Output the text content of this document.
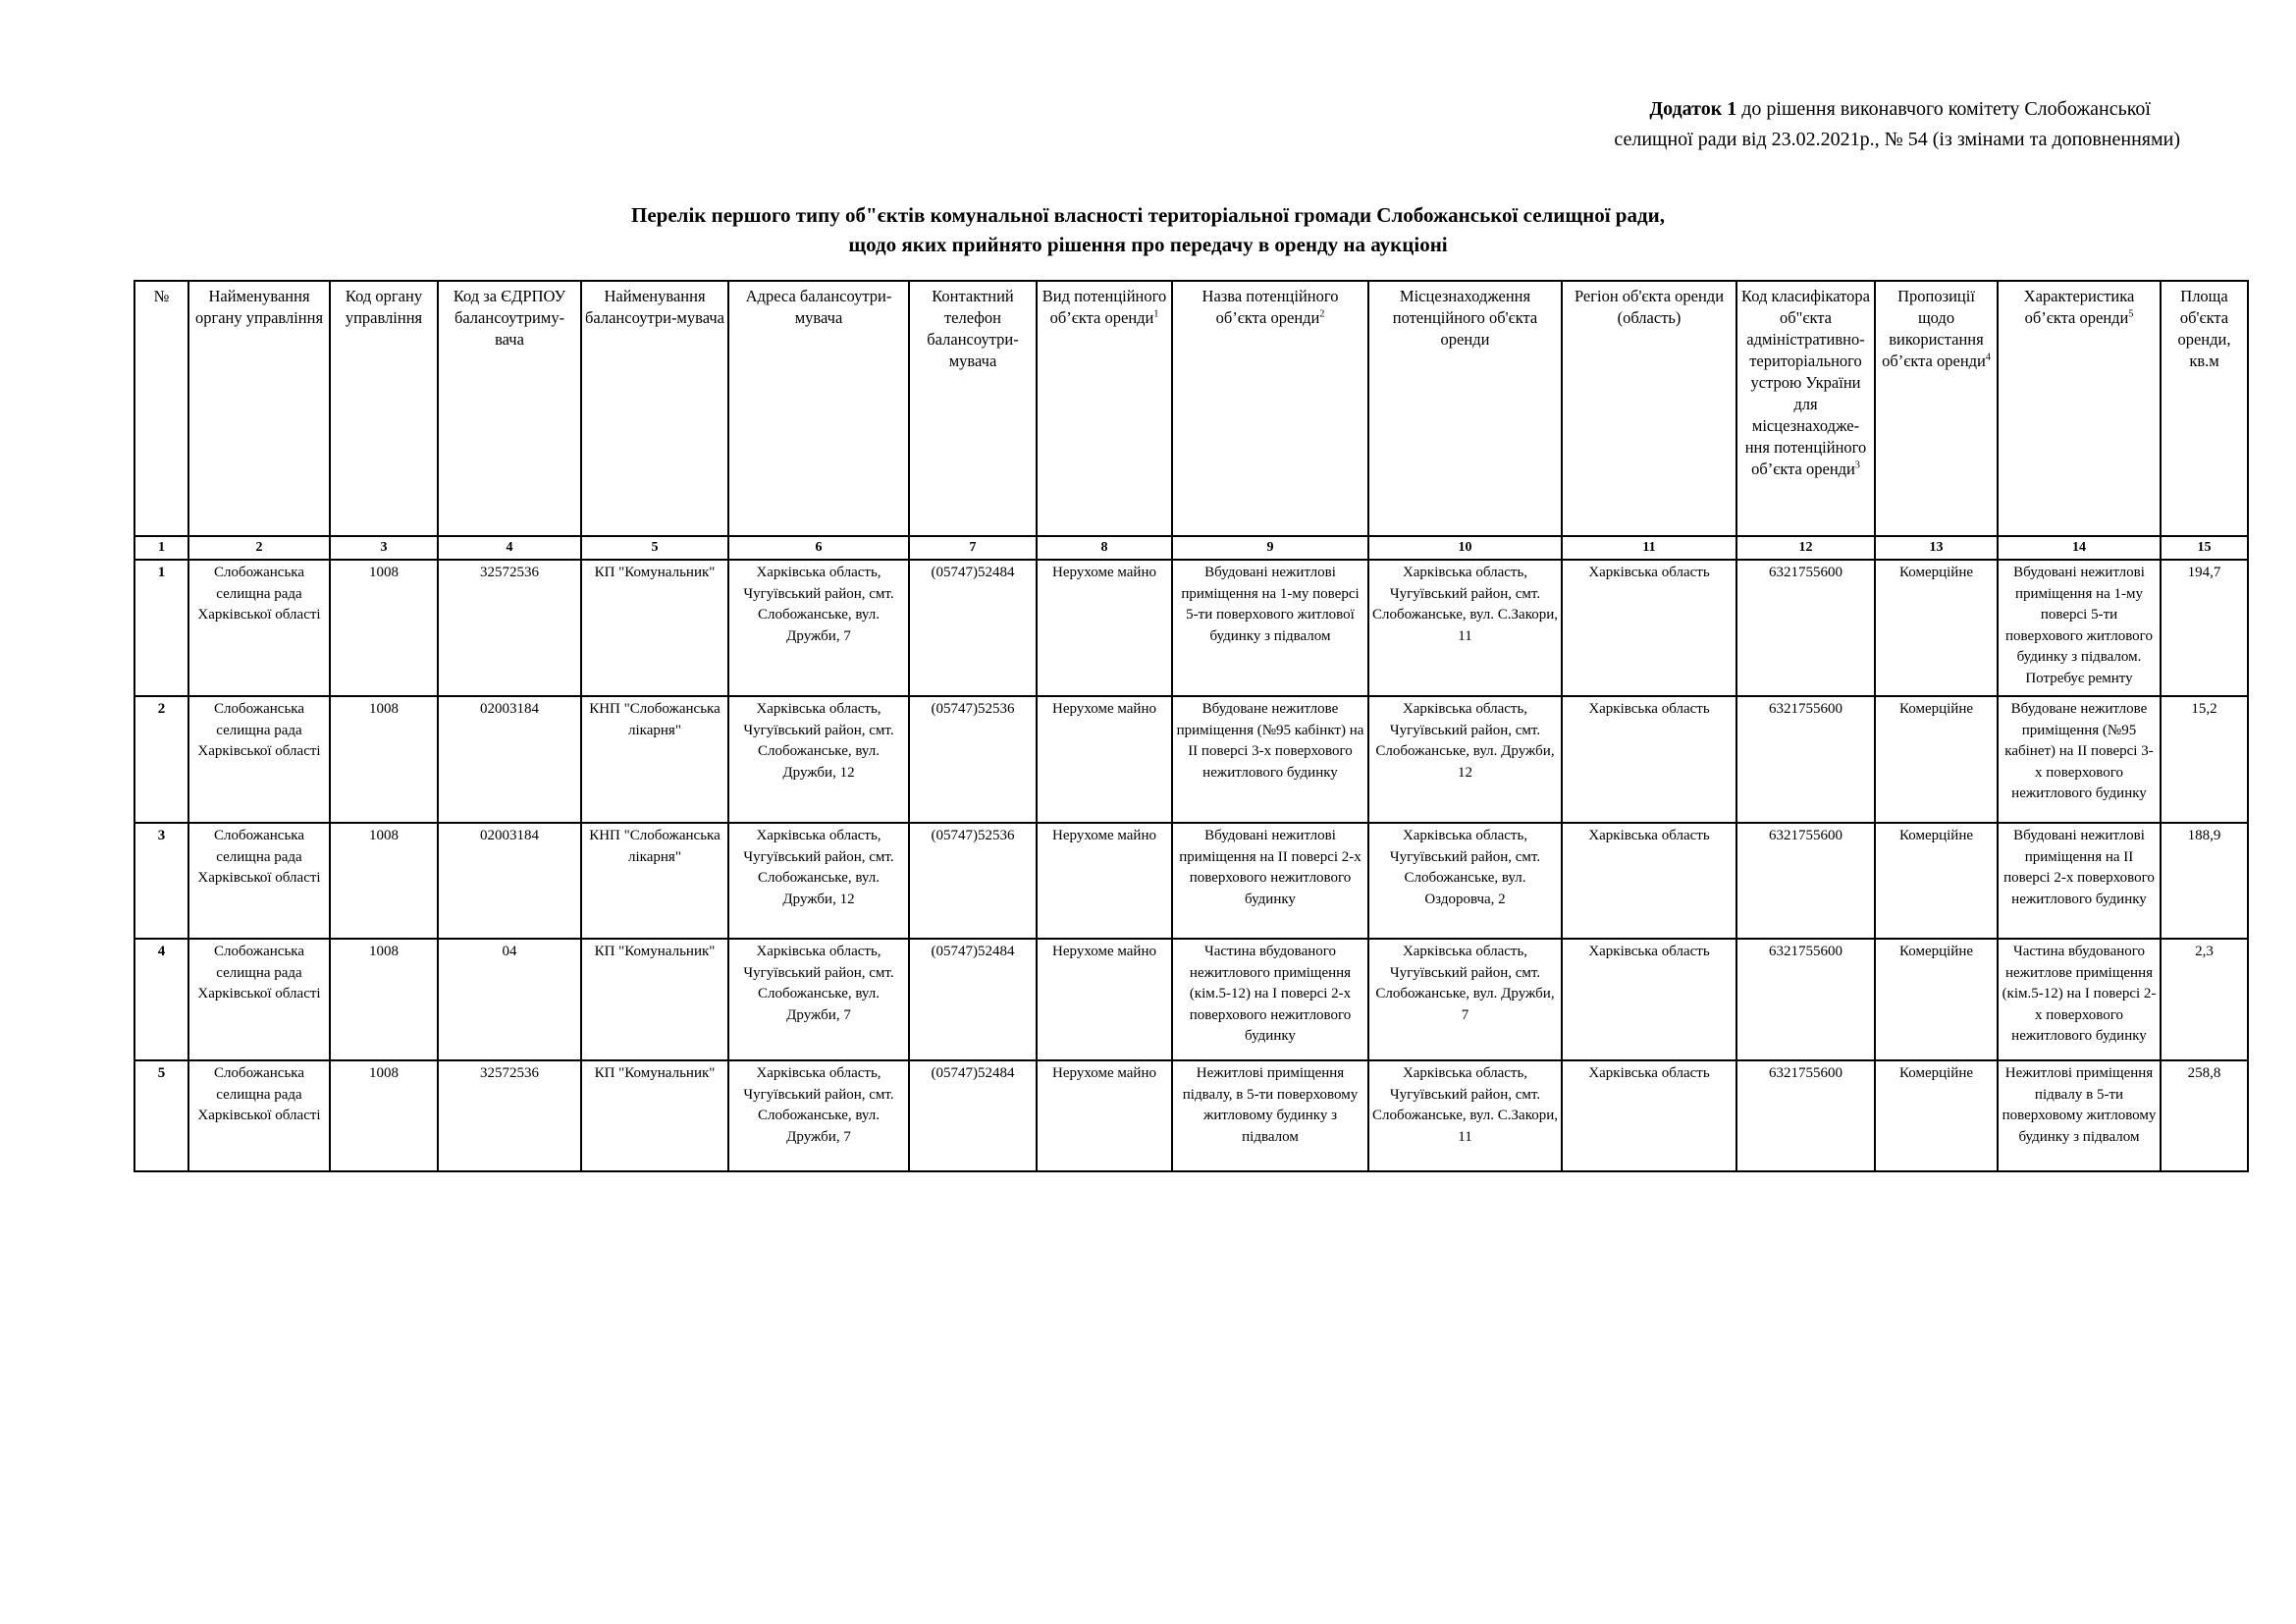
Додаток 1 до рішення виконавчого комітету Слобожанської
селищної ради від 23.02.2021р., № 54 (із змінами та доповненнями)
Перелік першого типу об"єктів комунальної власності територіальної громади Слобожанської селищної ради,
щодо яких прийнято рішення про передачу в оренду на аукціоні
№	Найменування органу управління	Код органу управління	Код за ЄДРПОУ балансоутриму-вача	Найменування балансоутри-мувача	Адреса балансоутри-мувача	Контактний телефон балансоутри-мувача	Вид потенційного об’єкта оренди$^1$	Назва потенційного об’єкта оренди$^2$	Місцезнаходження потенційного об'єкта оренди	Регіон об'єкта оренди (область)	Код класифікатора об"єкта адміністративно-територіального устрою України для місцезнаходже-ння потенційного об’єкта оренди$^3$	Пропозиції щодо використання об’єкта оренди$^4$	Характеристика об’єкта оренди$^5$	Площа об'єкта оренди, кв.м
1	2	3	4	5	6	7	8	9	10	11	12	13	14	15
1	Слобожанська селищна рада Харківської області	1008	32572536	КП "Комунальник"	Харківська область, Чугуївський район, смт. Слобожанське, вул. Дружби, 7	(05747)52484	Нерухоме майно	Вбудовані нежитлові приміщення на 1-му поверсі 5-ти поверхового житлової будинку з підвалом	Харківська область, Чугуївський район, смт. Слобожанське, вул. С.Закори, 11	Харківська область	6321755600	Комерційне	Вбудовані нежитлові приміщення на 1-му поверсі 5-ти поверхового житлового будинку з підвалом. Потребує ремнту	194,7
2	Слобожанська селищна рада Харківської області	1008	02003184	КНП "Слобожанська лікарня"	Харківська область, Чугуївський район, смт. Слобожанське, вул. Дружби, 12	(05747)52536	Нерухоме майно	Вбудоване нежитлове приміщення (№95 кабінкт) на II поверсі 3-х поверхового нежитлового будинку	Харківська область, Чугуївський район, смт. Слобожанське, вул. Дружби, 12	Харківська область	6321755600	Комерційне	Вбудоване нежитлове приміщення (№95 кабінет) на II поверсі 3-х поверхового нежитлового будинку	15,2
3	Слобожанська селищна рада Харківської області	1008	02003184	КНП "Слобожанська лікарня"	Харківська область, Чугуївський район, смт. Слобожанське, вул. Дружби, 12	(05747)52536	Нерухоме майно	Вбудовані нежитлові приміщення на II поверсі 2-х поверхового нежитлового будинку	Харківська область, Чугуївський район, смт. Слобожанське, вул. Оздоровча, 2	Харківська область	6321755600	Комерційне	Вбудовані нежитлові приміщення на II поверсі 2-х поверхового нежитлового будинку	188,9
4	Слобожанська селищна рада Харківської області	1008	04	КП "Комунальник"	Харківська область, Чугуївський район, смт. Слобожанське, вул. Дружби, 7	(05747)52484	Нерухоме майно	Частина вбудованого нежитлового приміщення (кім.5-12) на I поверсі 2-х поверхового нежитлового будинку	Харківська область, Чугуївський район, смт. Слобожанське, вул. Дружби, 7	Харківська область	6321755600	Комерційне	Частина вбудованого нежитлове приміщення (кім.5-12) на I поверсі 2-х поверхового нежитлового будинку	2,3
5	Слобожанська селищна рада Харківської області	1008	32572536	КП "Комунальник"	Харківська область, Чугуївський район, смт. Слобожанське, вул. Дружби, 7	(05747)52484	Нерухоме майно	Нежитлові приміщення підвалу, в 5-ти поверховому житловому будинку з підвалом	Харківська область, Чугуївський район, смт. Слобожанське, вул. С.Закори, 11	Харківська область	6321755600	Комерційне	Нежитлові приміщення підвалу в 5-ти поверховому житловому будинку з підвалом	258,8
